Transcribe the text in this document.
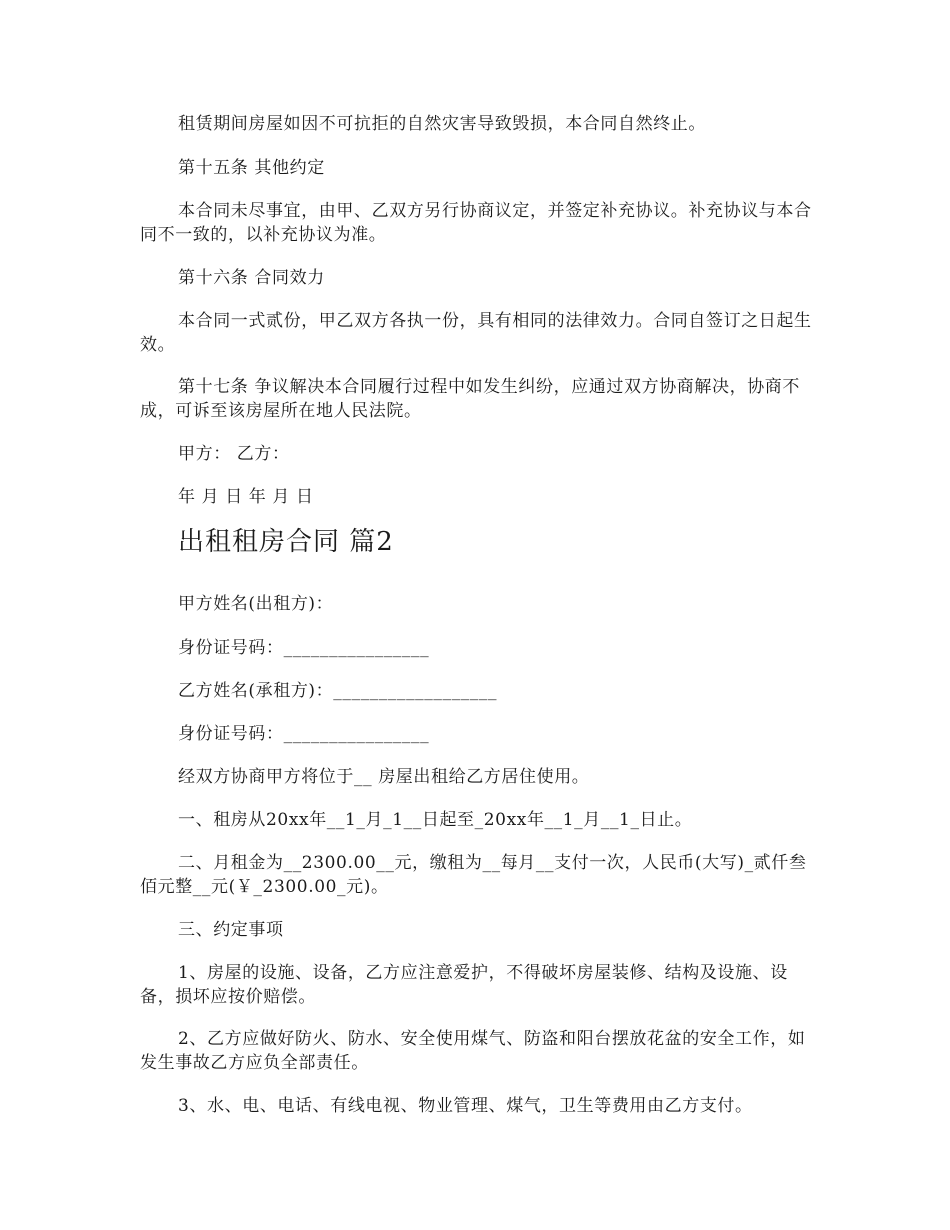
租赁期间房屋如因不可抗拒的自然灾害导致毁损，本合同自然终止。

第十五条 其他约定

本合同未尽事宜，由甲、乙双方另行协商议定，并签定补充协议。补充协议与本合同不一致的，以补充协议为准。

第十六条 合同效力

本合同一式贰份，甲乙双方各执一份，具有相同的法律效力。合同自签订之日起生效。

第十七条 争议解决本合同履行过程中如发生纠纷，应通过双方协商解决，协商不成，可诉至该房屋所在地人民法院。

甲方： 乙方：

年 月 日 年 月 日

出租租房合同 篇2

甲方姓名(出租方)：

身份证号码：________________

乙方姓名(承租方)：__________________

身份证号码：________________

经双方协商甲方将位于__ 房屋出租给乙方居住使用。

一、租房从20xx年__1_月_1__日起至_20xx年__1_月__1_日止。

二、月租金为__2300.00__元，缴租为__每月__支付一次，人民币(大写)_贰仟叁佰元整__元(￥_2300.00_元)。

三、约定事项

1、房屋的设施、设备，乙方应注意爱护，不得破坏房屋装修、结构及设施、设备，损坏应按价赔偿。

2、乙方应做好防火、防水、安全使用煤气、防盗和阳台摆放花盆的安全工作，如发生事故乙方应负全部责任。

3、水、电、电话、有线电视、物业管理、煤气，卫生等费用由乙方支付。
